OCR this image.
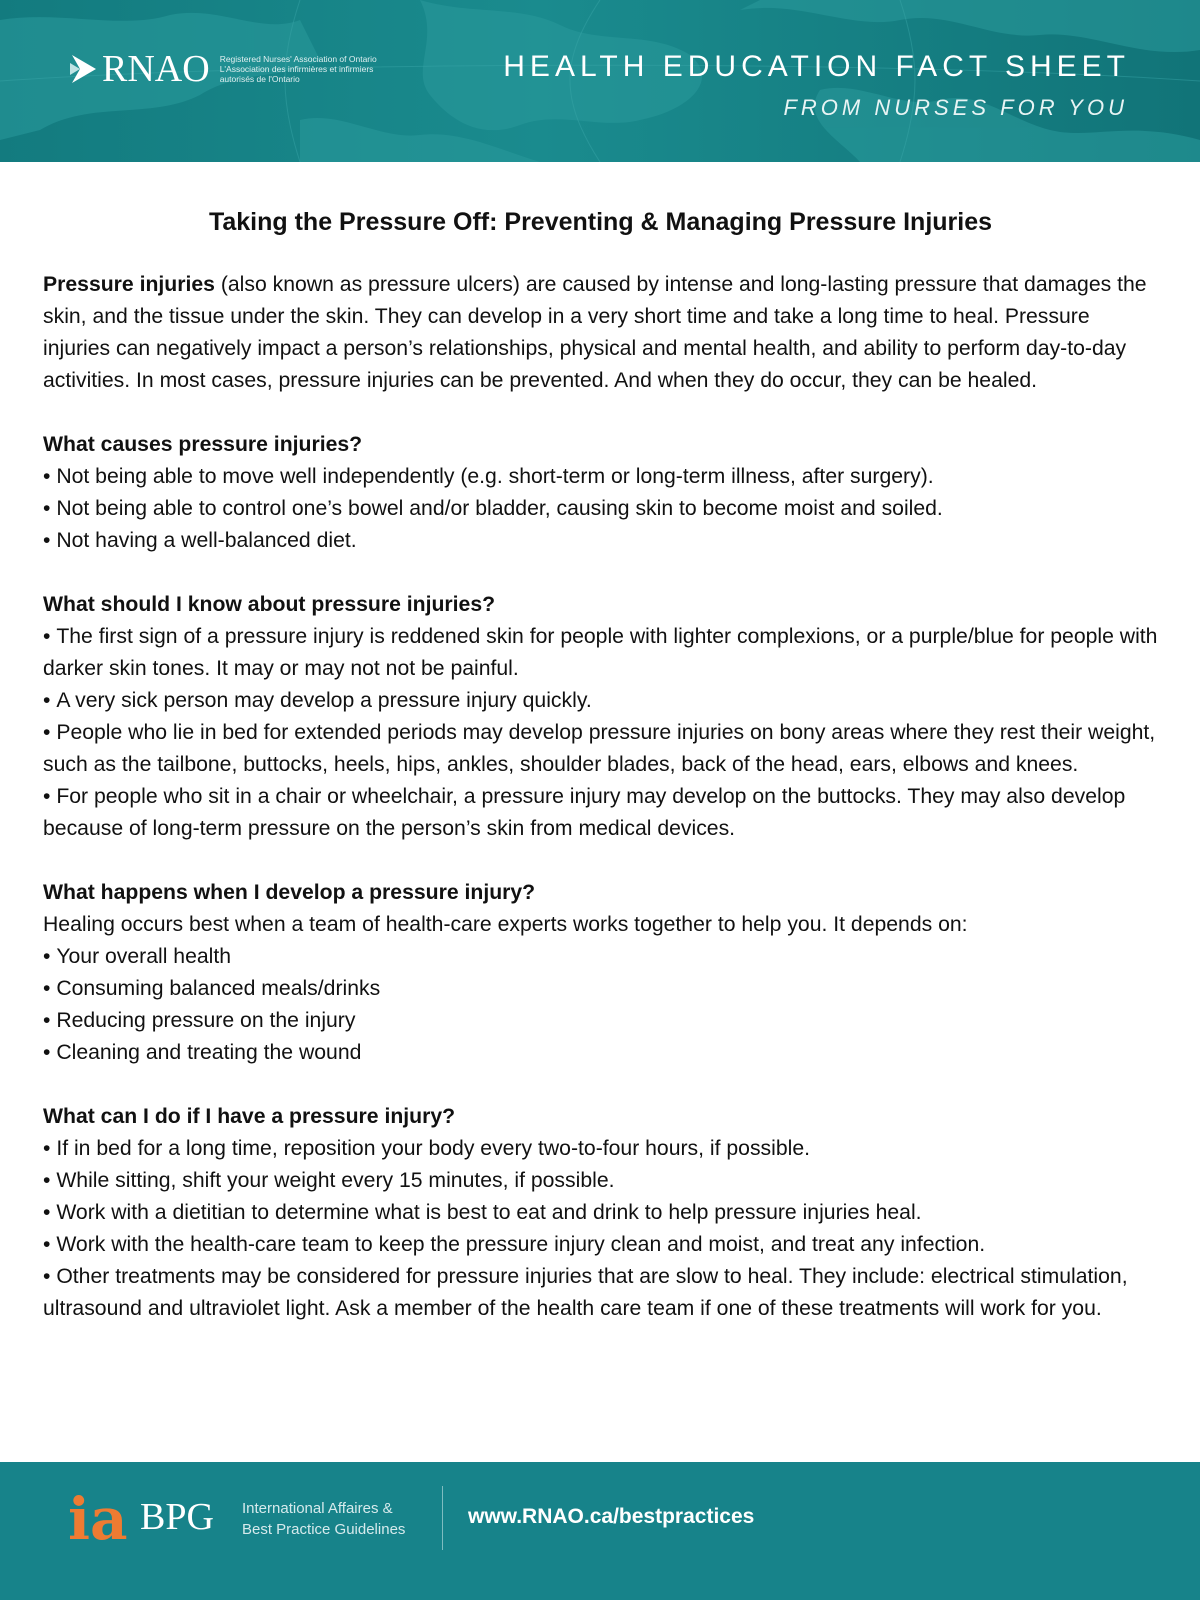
RNAO Registered Nurses' Association of Ontario
L'Association des infirmières et infirmiers
autorisés de l'Ontario	HEALTH EDUCATION FACT SHEET
FROM NURSES FOR YOU
Taking the Pressure Off: Preventing & Managing Pressure Injuries

Pressure injuries (also known as pressure ulcers) are caused by intense and long-lasting pressure that damages the skin, and the tissue under the skin. They can develop in a very short time and take a long time to heal. Pressure injuries can negatively impact a person’s relationships, physical and mental health, and ability to perform day-to-day activities. In most cases, pressure injuries can be prevented. And when they do occur, they can be healed.

What causes pressure injuries?

• Not being able to move well independently (e.g. short-term or long-term illness, after surgery).

• Not being able to control one’s bowel and/or bladder, causing skin to become moist and soiled.

• Not having a well-balanced diet.

What should I know about pressure injuries?

• The first sign of a pressure injury is reddened skin for people with lighter complexions, or a purple/blue for people with darker skin tones. It may or may not not be painful.

• A very sick person may develop a pressure injury quickly.

• People who lie in bed for extended periods may develop pressure injuries on bony areas where they rest their weight, such as the tailbone, buttocks, heels, hips, ankles, shoulder blades, back of the head, ears, elbows and knees.

• For people who sit in a chair or wheelchair, a pressure injury may develop on the buttocks. They may also develop because of long-term pressure on the person’s skin from medical devices.

What happens when I develop a pressure injury?

Healing occurs best when a team of health-care experts works together to help you. It depends on:

• Your overall health

• Consuming balanced meals/drinks

• Reducing pressure on the injury

• Cleaning and treating the wound

What can I do if I have a pressure injury?

• If in bed for a long time, reposition your body every two-to-four hours, if possible.

• While sitting, shift your weight every 15 minutes, if possible.

• Work with a dietitian to determine what is best to eat and drink to help pressure injuries heal.

• Work with the health-care team to keep the pressure injury clean and moist, and treat any infection.

• Other treatments may be considered for pressure injuries that are slow to heal. They include: electrical stimulation, ultrasound and ultraviolet light. Ask a member of the health care team if one of these treatments will work for you.

ia BPG International Affaires &
Best Practice Guidelines
www.RNAO.ca/bestpractices
